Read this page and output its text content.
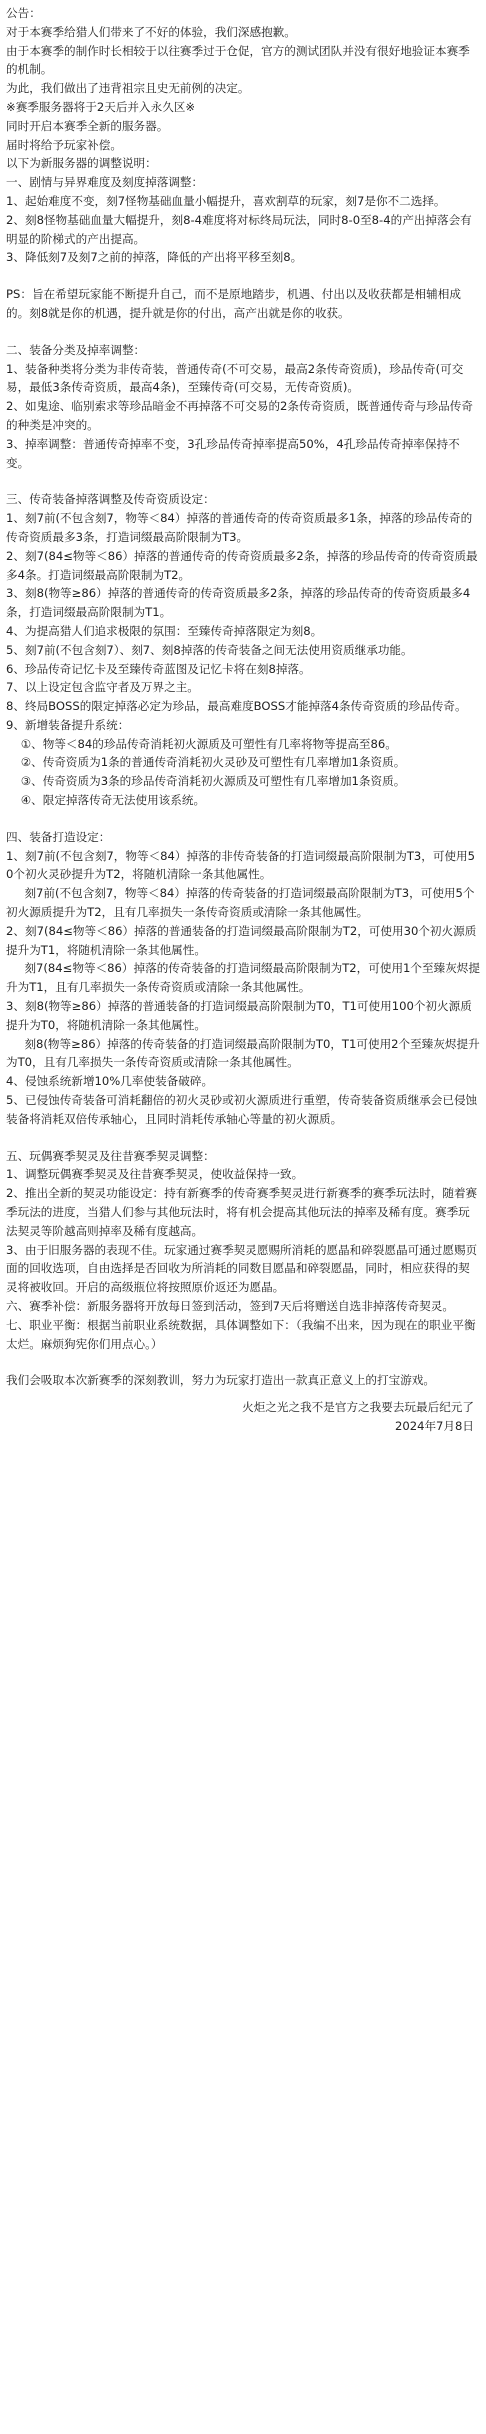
公告：

对于本赛季给猎人们带来了不好的体验，我们深感抱歉。

由于本赛季的制作时长相较于以往赛季过于仓促，官方的测试团队并没有很好地验证本赛季的机制。

为此，我们做出了违背祖宗且史无前例的决定。

※赛季服务器将于2天后并入永久区※

同时开启本赛季全新的服务器。

届时将给予玩家补偿。

以下为新服务器的调整说明：

一、剧情与异界难度及刻度掉落调整：

1、起始难度不变，刻7怪物基础血量小幅提升，喜欢割草的玩家，刻7是你不二选择。

2、刻8怪物基础血量大幅提升，刻8-4难度将对标终局玩法，同时8-0至8-4的产出掉落会有明显的阶梯式的产出提高。

3、降低刻7及刻7之前的掉落，降低的产出将平移至刻8。

PS：旨在希望玩家能不断提升自己，而不是原地踏步，机遇、付出以及收获都是相辅相成的。刻8就是你的机遇，提升就是你的付出，高产出就是你的收获。

二、装备分类及掉率调整：

1、装备种类将分类为非传奇装，普通传奇(不可交易，最高2条传奇资质)，珍品传奇(可交易，最低3条传奇资质，最高4条)，至臻传奇(可交易，无传奇资质)。

2、如鬼途、临别索求等珍品暗金不再掉落不可交易的2条传奇资质，既普通传奇与珍品传奇的种类是冲突的。

3、掉率调整：普通传奇掉率不变，3孔珍品传奇掉率提高50%，4孔珍品传奇掉率保持不变。

三、传奇装备掉落调整及传奇资质设定：

1、刻7前(不包含刻7，物等＜84）掉落的普通传奇的传奇资质最多1条，掉落的珍品传奇的传奇资质最多3条，打造词缀最高阶限制为T3。

2、刻7(84≤物等＜86）掉落的普通传奇的传奇资质最多2条，掉落的珍品传奇的传奇资质最多4条。打造词缀最高阶限制为T2。

3、刻8(物等≥86）掉落的普通传奇的传奇资质最多2条，掉落的珍品传奇的传奇资质最多4条，打造词缀最高阶限制为T1。

4、为提高猎人们追求极限的氛围：至臻传奇掉落限定为刻8。

5、刻7前(不包含刻7）、刻7、刻8掉落的传奇装备之间无法使用资质继承功能。

6、珍品传奇记忆卡及至臻传奇蓝图及记忆卡将在刻8掉落。

7、以上设定包含监守者及万界之主。

8、终局BOSS的限定掉落必定为珍品，最高难度BOSS才能掉落4条传奇资质的珍品传奇。

9、新增装备提升系统：

①、物等＜84的珍品传奇消耗初火源质及可塑性有几率将物等提高至86。

②、传奇资质为1条的普通传奇消耗初火灵砂及可塑性有几率增加1条资质。

③、传奇资质为3条的珍品传奇消耗初火源质及可塑性有几率增加1条资质。

④、限定掉落传奇无法使用该系统。

四、装备打造设定：

1、刻7前(不包含刻7，物等＜84）掉落的非传奇装备的打造词缀最高阶限制为T3，可使用50个初火灵砂提升为T2，将随机清除一条其他属性。

刻7前(不包含刻7，物等＜84）掉落的传奇装备的打造词缀最高阶限制为T3，可使用5个初火源质提升为T2，且有几率损失一条传奇资质或清除一条其他属性。

2、刻7(84≤物等＜86）掉落的普通装备的打造词缀最高阶限制为T2，可使用30个初火源质提升为T1，将随机清除一条其他属性。

刻7(84≤物等＜86）掉落的传奇装备的打造词缀最高阶限制为T2，可使用1个至臻灰烬提升为T1，且有几率损失一条传奇资质或清除一条其他属性。

3、刻8(物等≥86）掉落的普通装备的打造词缀最高阶限制为T0，T1可使用100个初火源质提升为T0，将随机清除一条其他属性。

刻8(物等≥86）掉落的传奇装备的打造词缀最高阶限制为T0，T1可使用2个至臻灰烬提升为T0，且有几率损失一条传奇资质或清除一条其他属性。

4、侵蚀系统新增10%几率使装备破碎。

5、已侵蚀传奇装备可消耗翻倍的初火灵砂或初火源质进行重塑，传奇装备资质继承会已侵蚀装备将消耗双倍传承轴心，且同时消耗传承轴心等量的初火源质。

五、玩偶赛季契灵及往昔赛季契灵调整：

1、调整玩偶赛季契灵及往昔赛季契灵，使收益保持一致。

2、推出全新的契灵功能设定：持有新赛季的传奇赛季契灵进行新赛季的赛季玩法时，随着赛季玩法的进度，当猎人们参与其他玩法时，将有机会提高其他玩法的掉率及稀有度。赛季玩法契灵等阶越高则掉率及稀有度越高。

3、由于旧服务器的表现不佳。玩家通过赛季契灵愿赐所消耗的愿晶和碎裂愿晶可通过愿赐页面的回收选项，自由选择是否回收为所消耗的同数目愿晶和碎裂愿晶，同时，相应获得的契灵将被收回。开启的高级瓶位将按照原价返还为愿晶。

六、赛季补偿：新服务器将开放每日签到活动，签到7天后将赠送自选非掉落传奇契灵。

七、职业平衡：根据当前职业系统数据，具体调整如下：（我编不出来，因为现在的职业平衡太烂。麻烦狗宪你们用点心。）

我们会吸取本次新赛季的深刻教训，努力为玩家打造出一款真正意义上的打宝游戏。

火炬之光之我不是官方之我要去玩最后纪元了

2024年7月8日
